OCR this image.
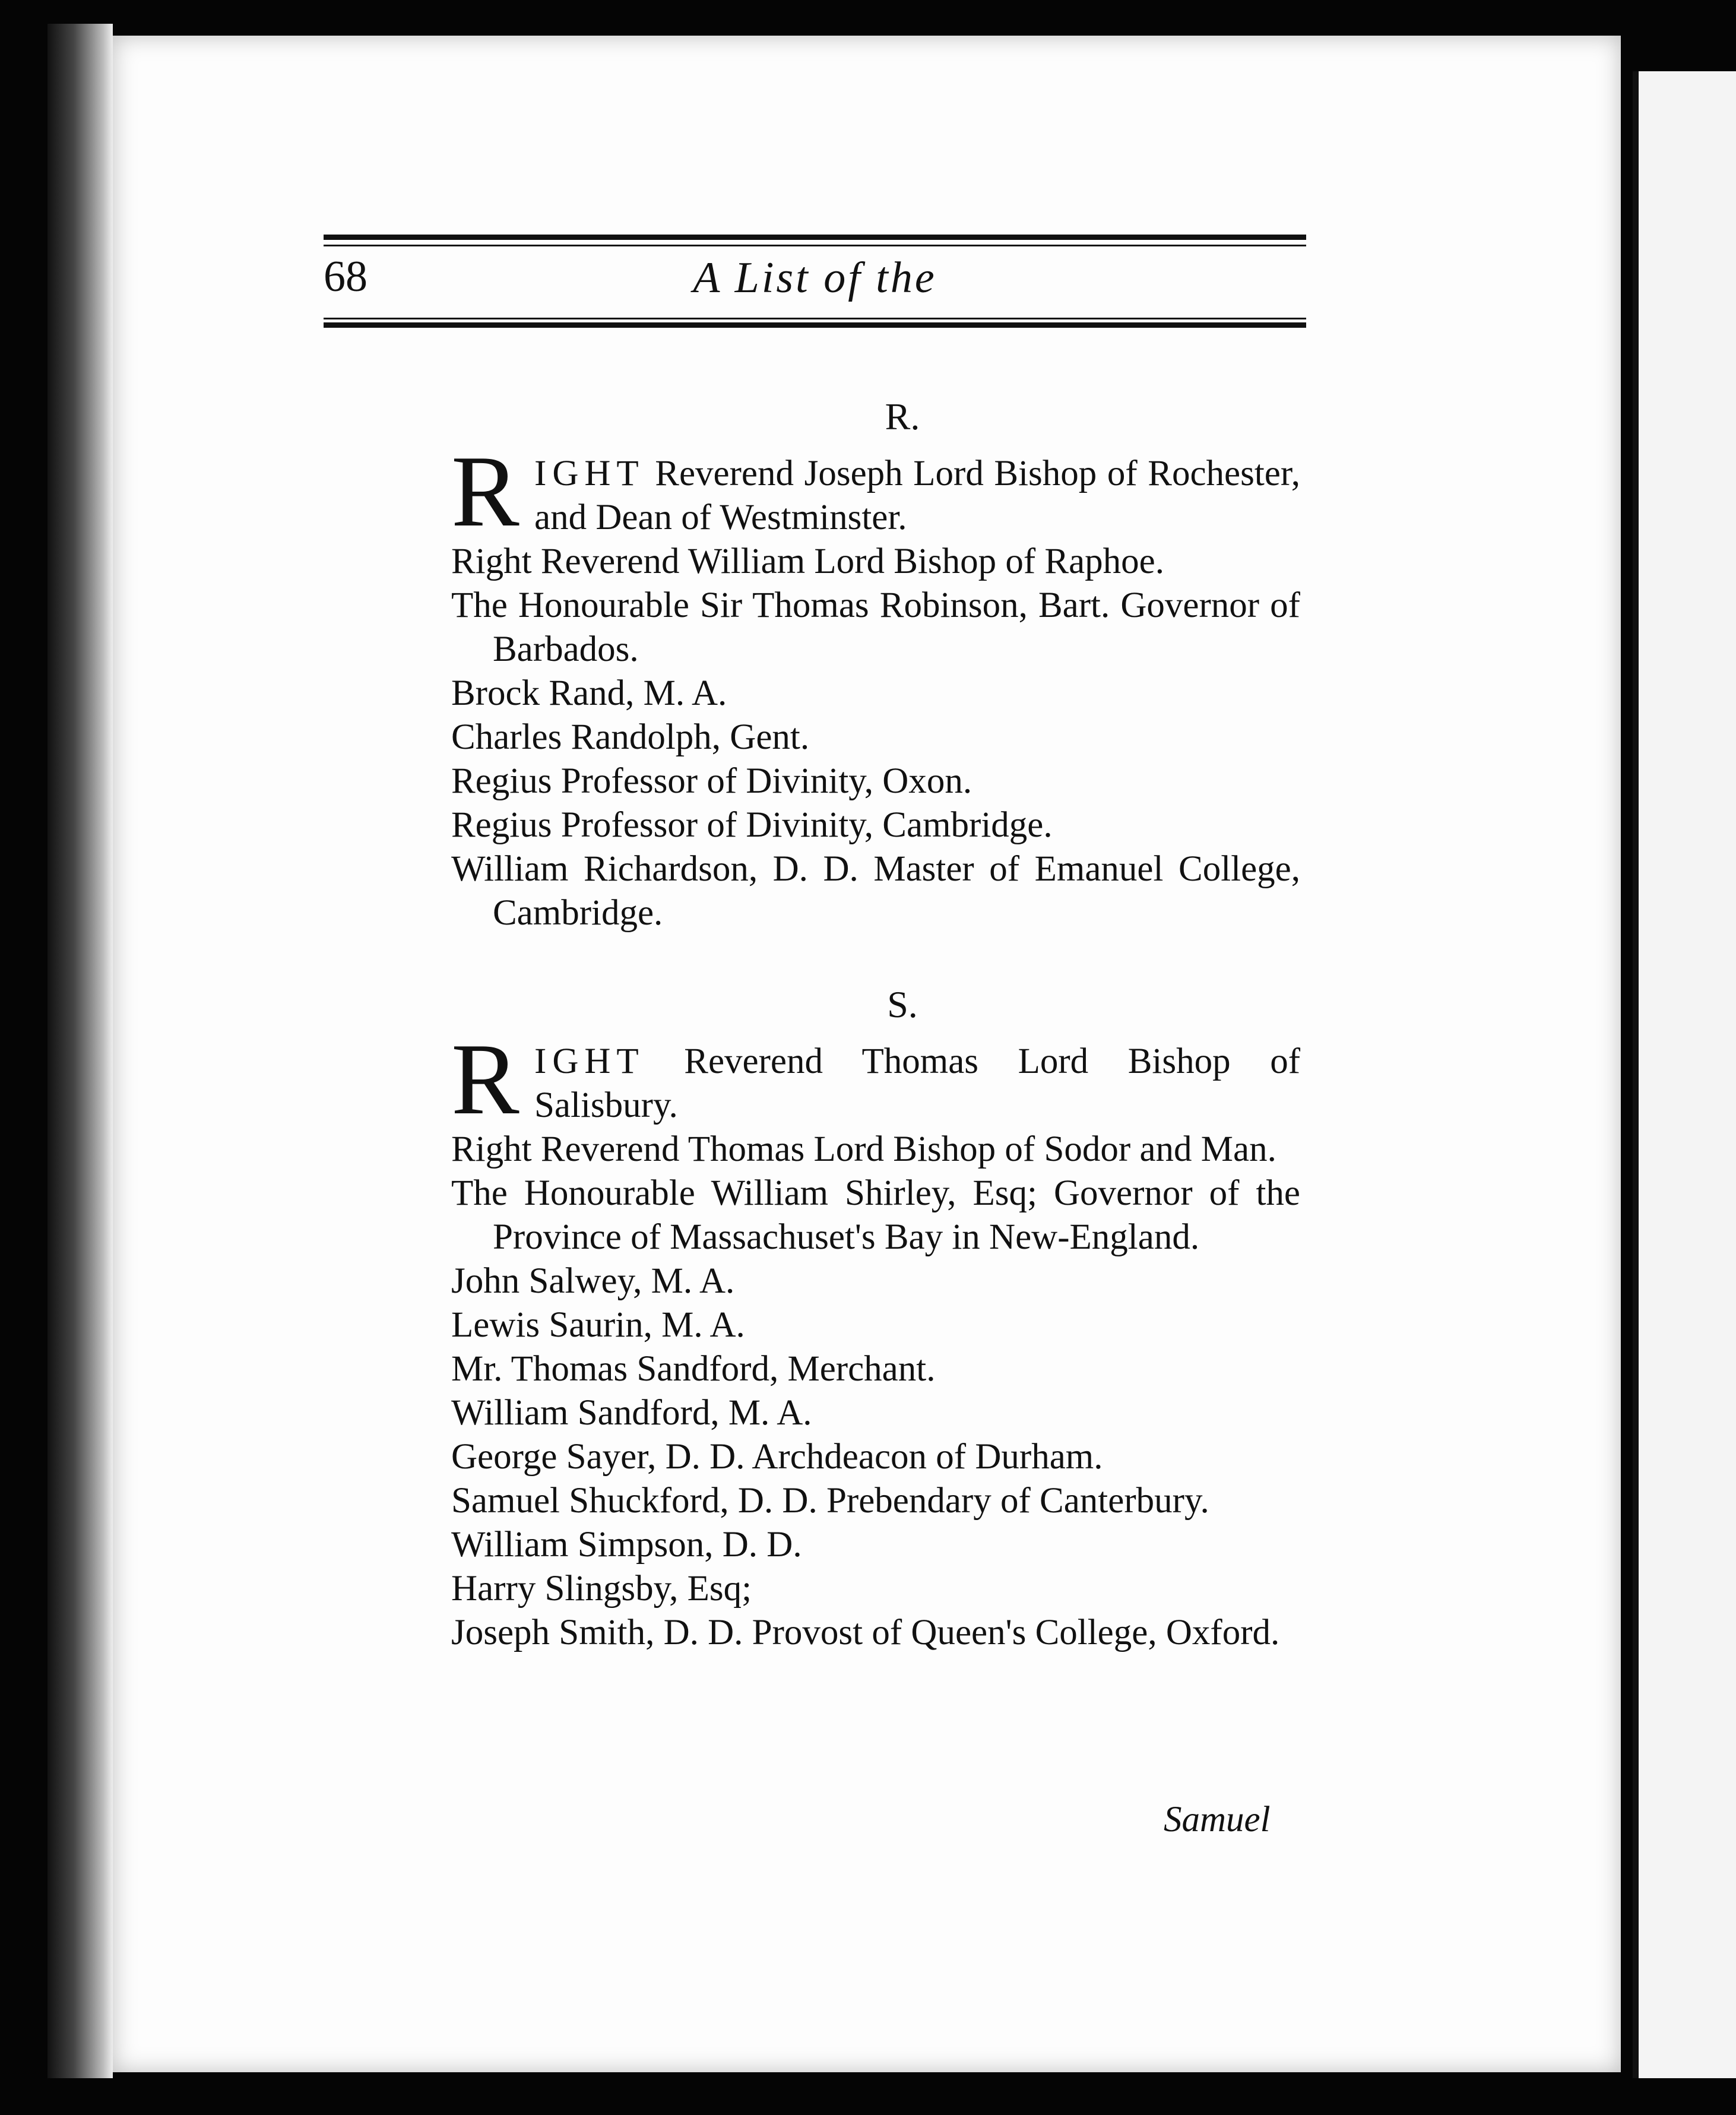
68	A List of the

R.

R IGHT Reverend Joseph Lord Bishop of Rochester, and Dean of Westminster.

Right Reverend William Lord Bishop of Raphoe.

The Honourable Sir Thomas Robinson, Bart. Governor of Barbados.

Brock Rand, M. A.

Charles Randolph, Gent.

Regius Professor of Divinity, Oxon.

Regius Professor of Divinity, Cambridge.

William Richardson, D. D. Master of Emanuel College, Cambridge.

S.

R IGHT Reverend Thomas Lord Bishop of Salisbury.

Right Reverend Thomas Lord Bishop of Sodor and Man.

The Honourable William Shirley, Esq; Governor of the Province of Massachuset's Bay in New-England.

John Salwey, M. A.

Lewis Saurin, M. A.

Mr. Thomas Sandford, Merchant.

William Sandford, M. A.

George Sayer, D. D. Archdeacon of Durham.

Samuel Shuckford, D. D. Prebendary of Canterbury.

William Simpson, D. D.

Harry Slingsby, Esq;

Joseph Smith, D. D. Provost of Queen's College, Oxford.

Samuel
